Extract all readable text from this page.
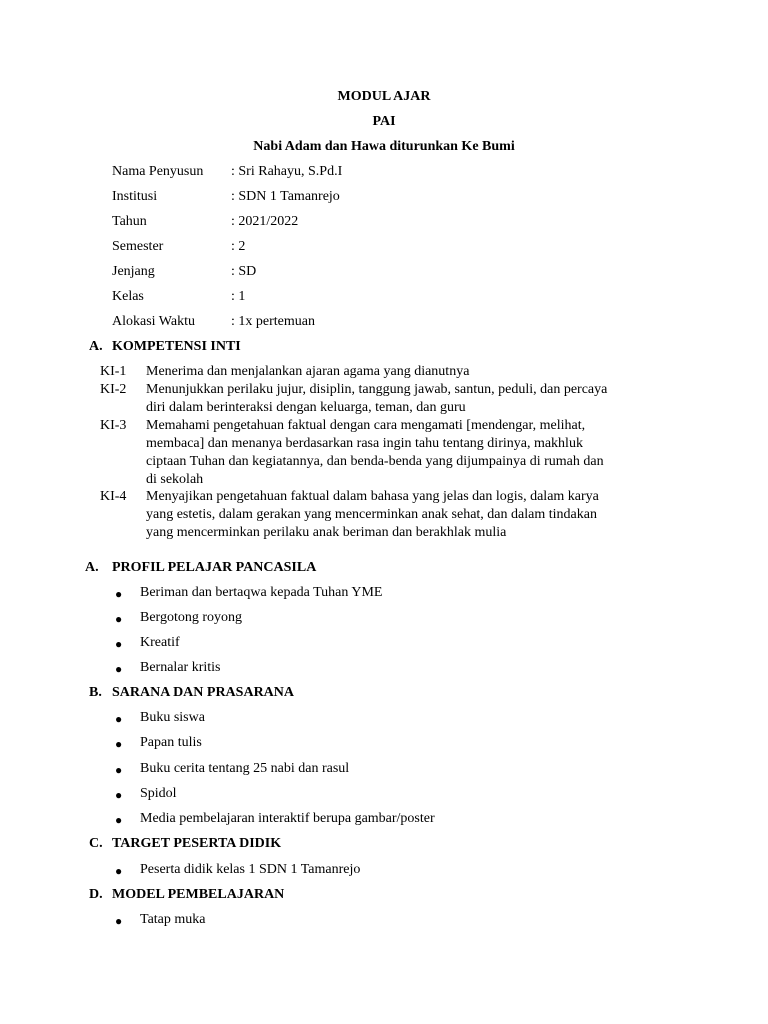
MODUL AJAR
PAI
Nabi Adam dan Hawa diturunkan Ke Bumi
Nama Penyusun : Sri Rahayu, S.Pd.I
Institusi	: SDN 1 Tamanrejo
Tahun	: 2021/2022
Semester	: 2
Jenjang	: SD
Kelas	: 1
Alokasi Waktu	: 1x pertemuan
A. KOMPETENSI INTI
KI-1 Menerima dan menjalankan ajaran agama yang dianutnya
KI-2 Menunjukkan perilaku jujur, disiplin, tanggung jawab, santun, peduli, dan percaya
diri dalam berinteraksi dengan keluarga, teman, dan guru
KI-3 Memahami pengetahuan faktual dengan cara mengamati [mendengar, melihat,
membaca] dan menanya berdasarkan rasa ingin tahu tentang dirinya, makhluk
ciptaan Tuhan dan kegiatannya, dan benda-benda yang dijumpainya di rumah dan
di sekolah
KI-4 Menyajikan pengetahuan faktual dalam bahasa yang jelas dan logis, dalam karya
yang estetis, dalam gerakan yang mencerminkan anak sehat, dan dalam tindakan
yang mencerminkan perilaku anak beriman dan berakhlak mulia
A. PROFIL PELAJAR PANCASILA
● Beriman dan bertaqwa kepada Tuhan YME
● Bergotong royong
● Kreatif
● Bernalar kritis
B. SARANA DAN PRASARANA
● Buku siswa
● Papan tulis
● Buku cerita tentang 25 nabi dan rasul
● Spidol
● Media pembelajaran interaktif berupa gambar/poster
C. TARGET PESERTA DIDIK
● Peserta didik kelas 1 SDN 1 Tamanrejo
D. MODEL PEMBELAJARAN
● Tatap muka
